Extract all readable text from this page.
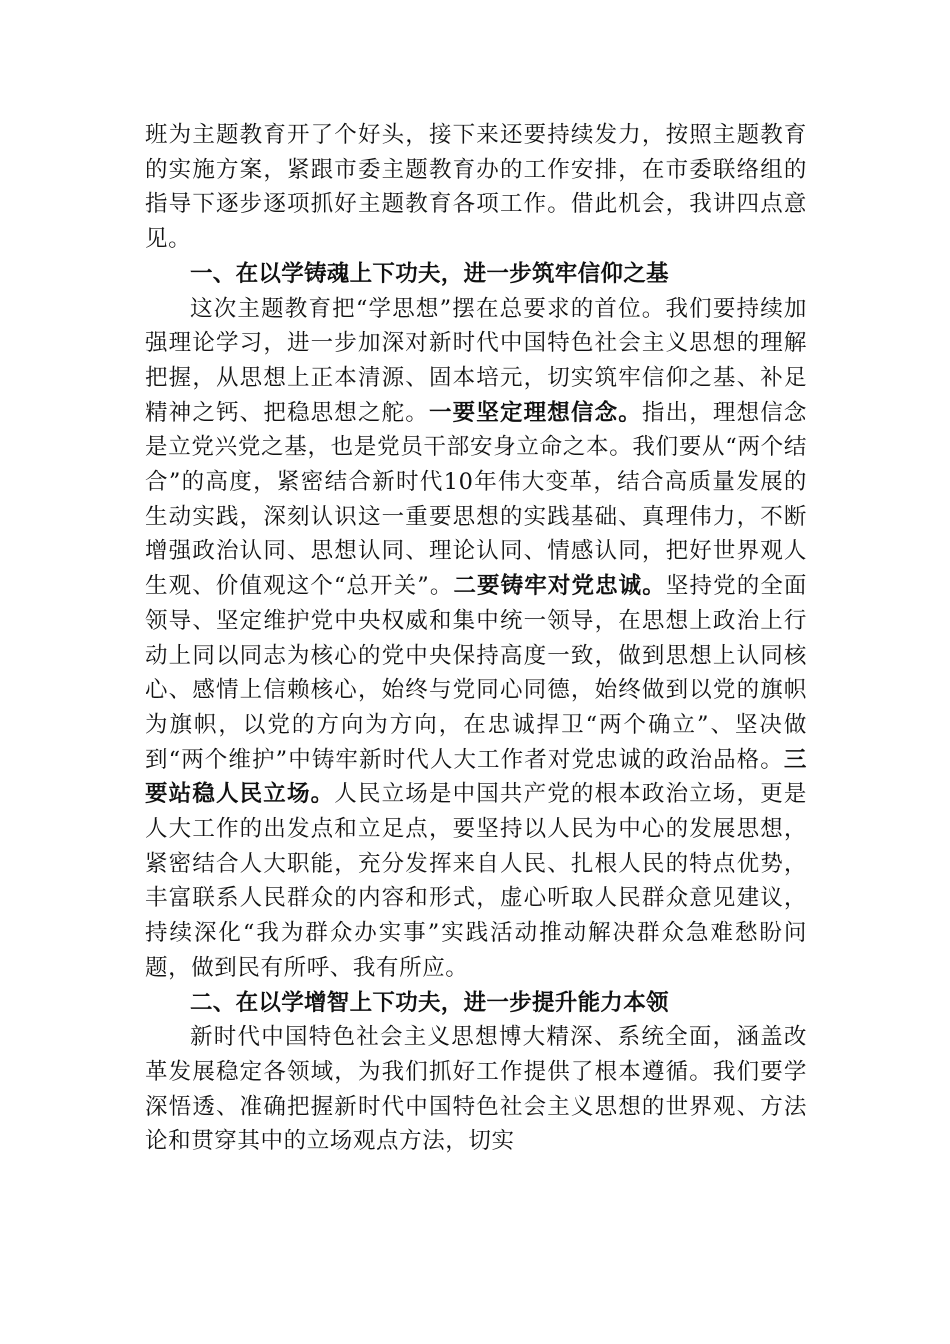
班为主题教育开了个好头，接下来还要持续发力，按照主题教育的实施方案，紧跟市委主题教育办的工作安排，在市委联络组的指导下逐步逐项抓好主题教育各项工作。借此机会，我讲四点意见。

一、在以学铸魂上下功夫，进一步筑牢信仰之基

这次主题教育把“学思想”摆在总要求的首位。我们要持续加强理论学习，进一步加深对新时代中国特色社会主义思想的理解把握，从思想上正本清源、固本培元，切实筑牢信仰之基、补足精神之钙、把稳思想之舵。一要坚定理想信念。指出，理想信念是立党兴党之基，也是党员干部安身立命之本。我们要从“两个结合”的高度，紧密结合新时代10年伟大变革，结合高质量发展的生动实践，深刻认识这一重要思想的实践基础、真理伟力，不断增强政治认同、思想认同、理论认同、情感认同，把好世界观人生观、价值观这个“总开关”。二要铸牢对党忠诚。坚持党的全面领导、坚定维护党中央权威和集中统一领导，在思想上政治上行动上同以同志为核心的党中央保持高度一致，做到思想上认同核心、感情上信赖核心，始终与党同心同德，始终做到以党的旗帜为旗帜，以党的方向为方向，在忠诚捍卫“两个确立”、坚决做到“两个维护”中铸牢新时代人大工作者对党忠诚的政治品格。三要站稳人民立场。人民立场是中国共产党的根本政治立场，更是人大工作的出发点和立足点，要坚持以人民为中心的发展思想，紧密结合人大职能，充分发挥来自人民、扎根人民的特点优势，丰富联系人民群众的内容和形式，虚心听取人民群众意见建议，持续深化“我为群众办实事”实践活动推动解决群众急难愁盼问题，做到民有所呼、我有所应。

二、在以学增智上下功夫，进一步提升能力本领

新时代中国特色社会主义思想博大精深、系统全面，涵盖改革发展稳定各领域，为我们抓好工作提供了根本遵循。我们要学深悟透、准确把握新时代中国特色社会主义思想的世界观、方法论和贯穿其中的立场观点方法，切实
